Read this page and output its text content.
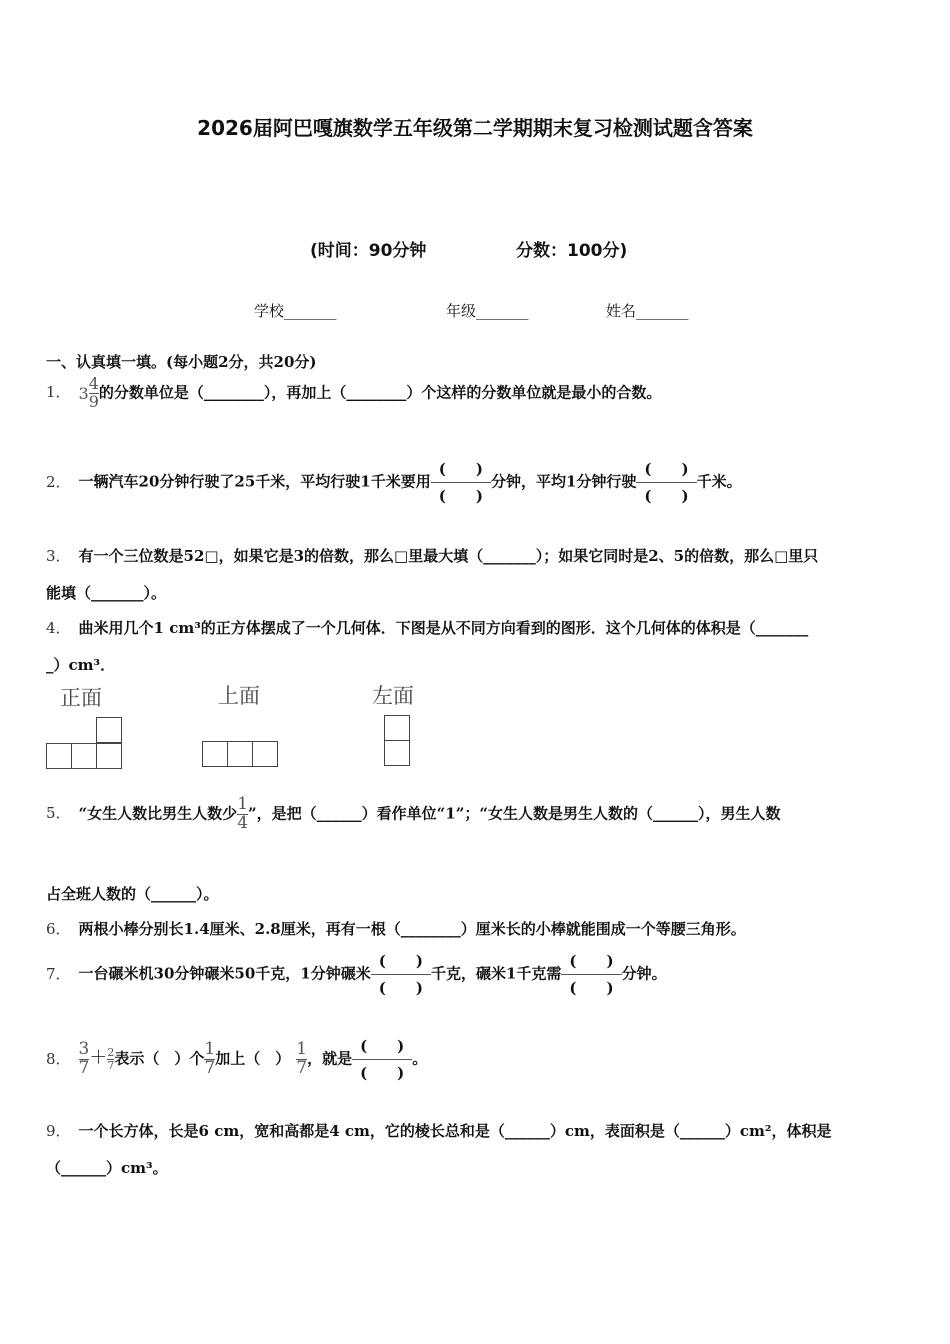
2026届阿巴嘎旗数学五年级第二学期期末复习检测试题含答案
(时间：90分钟	分数：100分)
学校_______	年级_______	姓名_______
一、认真填一填。(每小题2分，共20分)
1． $3 \frac{4}{9}$ 的分数单位是（________），再加上（________）个这样的分数单位就是最小的合数。
2． 一辆汽车20分钟行驶了25千米，平均行驶1千米要用
(　　)
(　　)
分钟，平均1分钟行驶
(　　)
(　　)
千米。
3． 有一个三位数是52□，如果它是3的倍数，那么□里最大填（_______）；如果它同时是2、5的倍数，那么□里只
能填（_______）。
4． 曲米用几个1 cm³的正方体摆成了一个几何体．下图是从不同方向看到的图形．这个几何体的体积是（_______
_）cm³．
正面	上面	左面
5． “女生人数比男生人数少 $\frac{1}{4}$ ”，是把（______）看作单位“1”；“女生人数是男生人数的（______），男生人数
占全班人数的（______）。
6． 两根小棒分别长1.4厘米、2.8厘米，再有一根（________）厘米长的小棒就能围成一个等腰三角形。
7． 一台碾米机30分钟碾米50千克，1分钟碾米
(　　)
(　　)
千克，碾米1千克需
(　　)
(　　)
分钟。
8． $\frac{3}{7} + \frac{2}{7}$ 表示（　）个 $\frac{1}{7}$ 加上（　） $\frac{1}{7}$ ，就是
(　　)
(　　)
。
9． 一个长方体，长是6 cm，宽和高都是4 cm，它的棱长总和是（______）cm，表面积是（______）cm²，体积是
（______）cm³。
